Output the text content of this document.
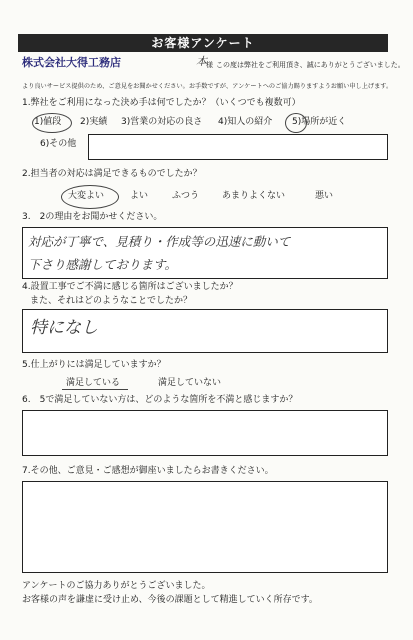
お客様アンケート
株式会社大得工務店	本 様 この度は弊社をご利用頂き、誠にありがとうございました。
より良いサービス提供のため、ご意見をお聞かせください。お手数ですが、アンケートへのご協力賜りますようお願い申し上げます。
1.弊社をご利用になった決め手は何でしたか？（いくつでも複数可）
1)値段 2)実績 3)営業の対応の良さ 4)知人の紹介 5)場所が近く
6)その他
2.担当者の対応は満足できるものでしたか？
大変よい	よい	ふつう	あまりよくない	悪い
3.　2の理由をお聞かせください。
対応が丁寧で、見積り・作成等の迅速に動いて
下さり感謝しております。
4.設置工事でご不満に感じる箇所はございましたか？
また、それはどのようなことでしたか？
特になし
5.仕上がりには満足していますか？
満足している	満足していない
6.　5で満足していない方は、どのような箇所を不満と感じますか？
7.その他、ご意見・ご感想が御座いましたらお書きください。
アンケートのご協力ありがとうございました。
お客様の声を謙虚に受け止め、今後の課題として精進していく所存です。
